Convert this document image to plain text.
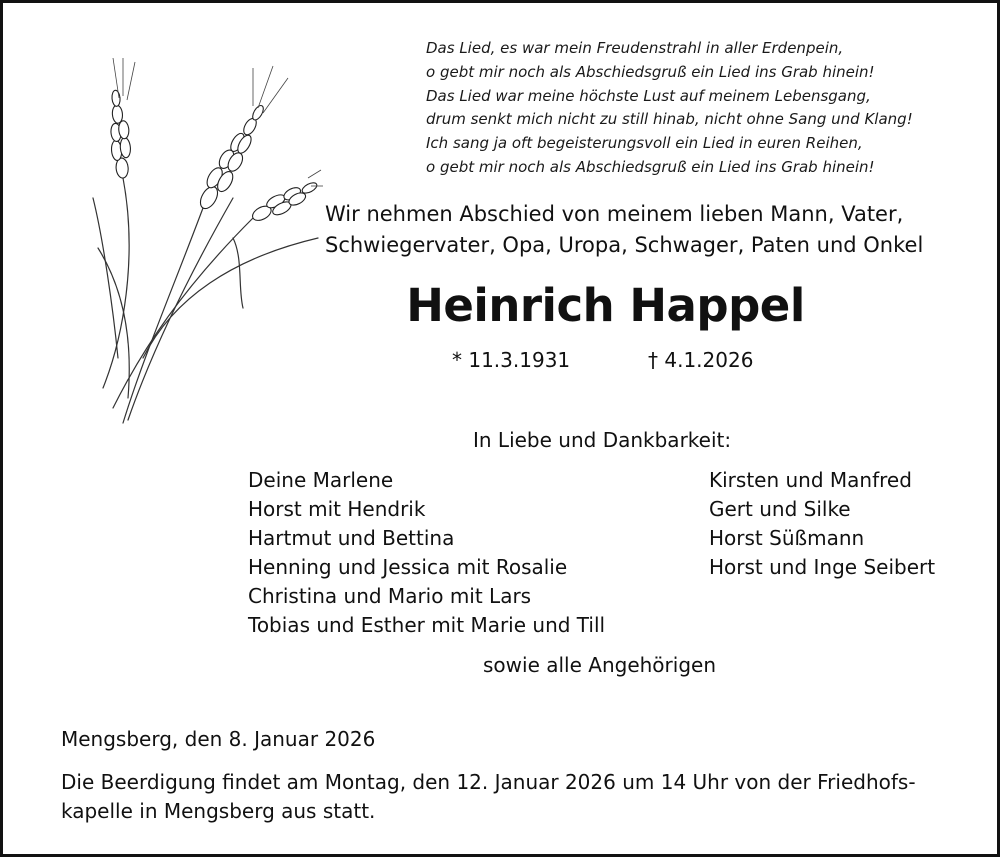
Das Lied, es war mein Freudenstrahl in aller Erdenpein,
o gebt mir noch als Abschiedsgruß ein Lied ins Grab hinein!
Das Lied war meine höchste Lust auf meinem Lebensgang,
drum senkt mich nicht zu still hinab, nicht ohne Sang und Klang!
Ich sang ja oft begeisterungsvoll ein Lied in euren Reihen,
o gebt mir noch als Abschiedsgruß ein Lied ins Grab hinein!
Wir nehmen Abschied von meinem lieben Mann, Vater,
Schwiegervater, Opa, Uropa, Schwager, Paten und Onkel
Heinrich Happel
* 11.3.1931	† 4.1.2026
In Liebe und Dankbarkeit:
Deine Marlene
Horst mit Hendrik
Hartmut und Bettina
Henning und Jessica mit Rosalie
Christina und Mario mit Lars
Tobias und Esther mit Marie und Till
Kirsten und Manfred
Gert und Silke
Horst Süßmann
Horst und Inge Seibert
sowie alle Angehörigen
Mengsberg, den 8. Januar 2026
Die Beerdigung findet am Montag, den 12. Januar 2026 um 14 Uhr von der Friedhofs-
kapelle in Mengsberg aus statt.
